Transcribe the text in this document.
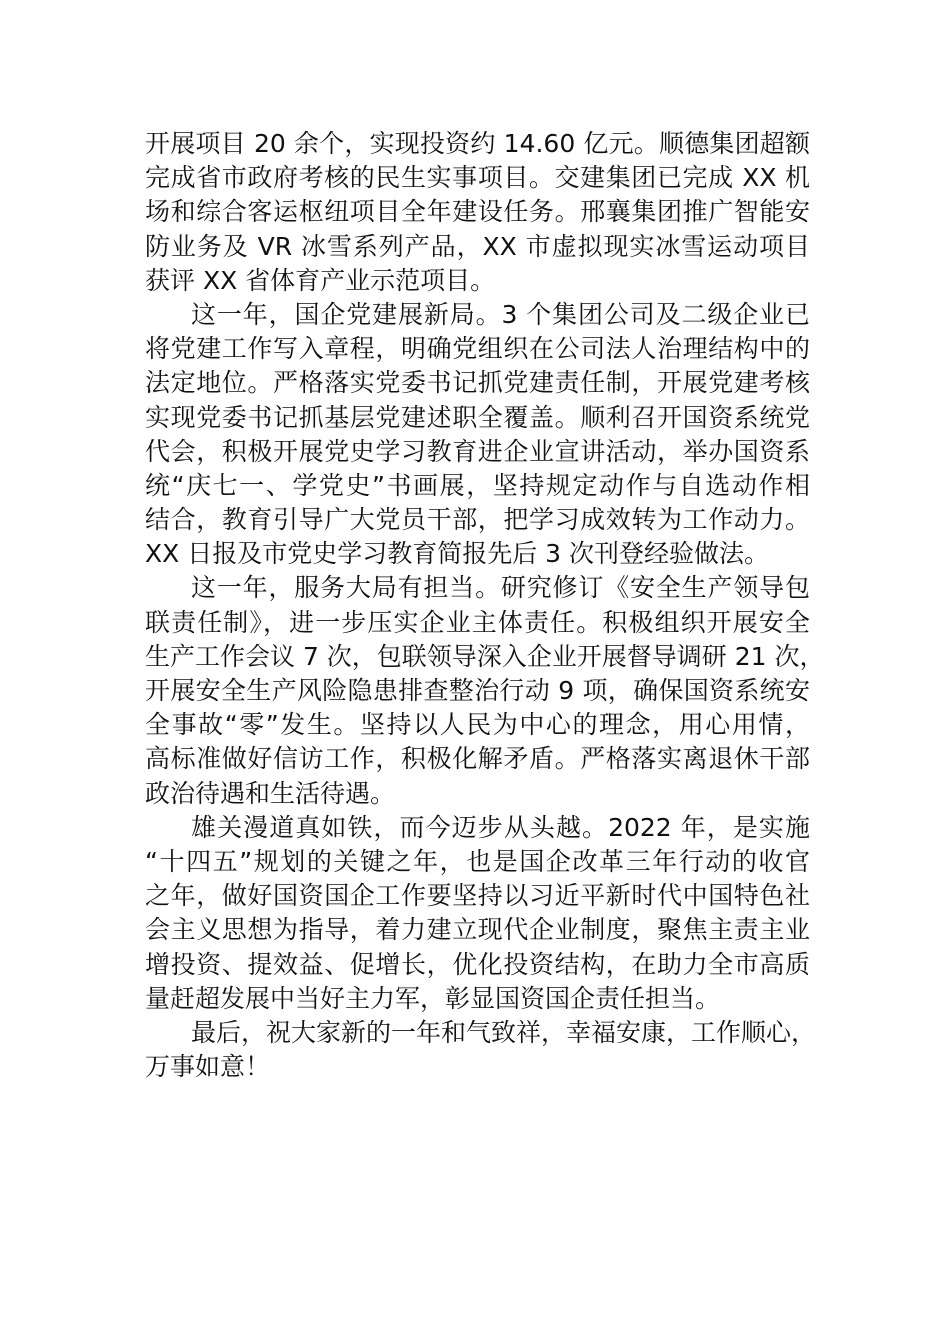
开展项目 20 余个，实现投资约 14.60 亿元。顺德集团超额
完成省市政府考核的民生实事项目。交建集团已完成 XX 机
场和综合客运枢纽项目全年建设任务。邢襄集团推广智能安
防业务及 VR 冰雪系列产品，XX 市虚拟现实冰雪运动项目
获评 XX 省体育产业示范项目。
这一年，国企党建展新局。3 个集团公司及二级企业已
将党建工作写入章程，明确党组织在公司法人治理结构中的
法定地位。严格落实党委书记抓党建责任制，开展党建考核
实现党委书记抓基层党建述职全覆盖。顺利召开国资系统党
代会，积极开展党史学习教育进企业宣讲活动，举办国资系
统“庆七一、学党史”书画展，坚持规定动作与自选动作相
结合，教育引导广大党员干部，把学习成效转为工作动力。
XX 日报及市党史学习教育简报先后 3 次刊登经验做法。
这一年，服务大局有担当。研究修订《安全生产领导包
联责任制》，进一步压实企业主体责任。积极组织开展安全
生产工作会议 7 次，包联领导深入企业开展督导调研 21 次，
开展安全生产风险隐患排查整治行动 9 项，确保国资系统安
全事故“零”发生。坚持以人民为中心的理念，用心用情，
高标准做好信访工作，积极化解矛盾。严格落实离退休干部
政治待遇和生活待遇。
雄关漫道真如铁，而今迈步从头越。2022 年，是实施
“十四五”规划的关键之年，也是国企改革三年行动的收官
之年，做好国资国企工作要坚持以习近平新时代中国特色社
会主义思想为指导，着力建立现代企业制度，聚焦主责主业
增投资、提效益、促增长，优化投资结构，在助力全市高质
量赶超发展中当好主力军，彰显国资国企责任担当。
最后，祝大家新的一年和气致祥，幸福安康，工作顺心，
万事如意！
